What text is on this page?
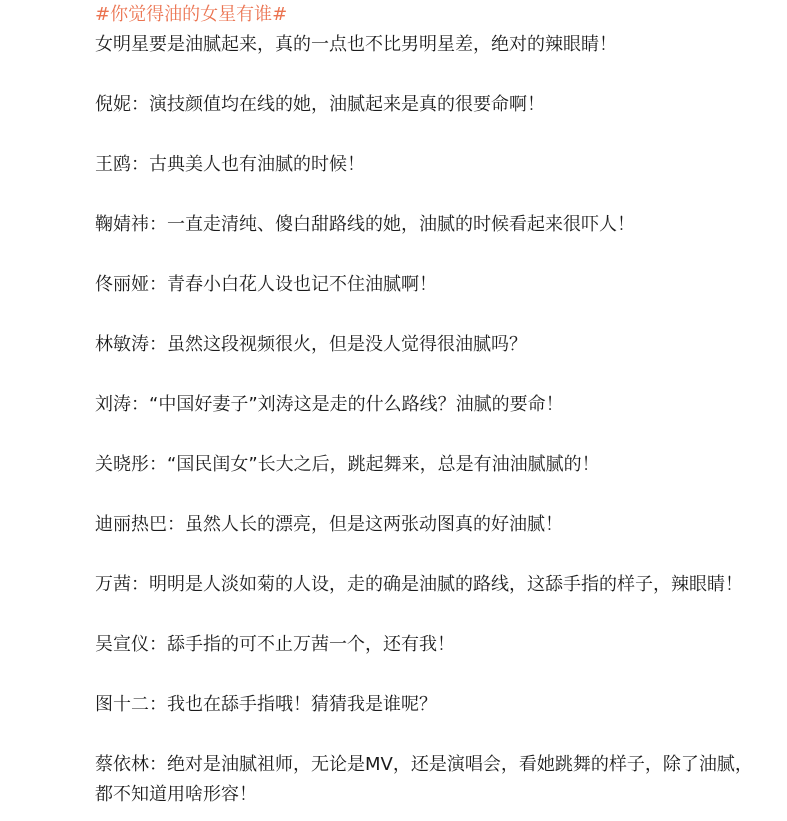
#你觉得油的女星有谁#

女明星要是油腻起来，真的一点也不比男明星差，绝对的辣眼睛！

倪妮：演技颜值均在线的她，油腻起来是真的很要命啊！

王鸥：古典美人也有油腻的时候！

鞠婧祎：一直走清纯、傻白甜路线的她，油腻的时候看起来很吓人！

佟丽娅：青春小白花人设也记不住油腻啊！

林敏涛：虽然这段视频很火，但是没人觉得很油腻吗？

刘涛：“中国好妻子”刘涛这是走的什么路线？油腻的要命！

关晓彤：“国民闺女”长大之后，跳起舞来，总是有油油腻腻的！

迪丽热巴：虽然人长的漂亮，但是这两张动图真的好油腻！

万茜：明明是人淡如菊的人设，走的确是油腻的路线，这舔手指的样子，辣眼睛！

吴宣仪：舔手指的可不止万茜一个，还有我！

图十二：我也在舔手指哦！猜猜我是谁呢？

蔡依林：绝对是油腻祖师，无论是MV，还是演唱会，看她跳舞的样子，除了油腻，都不知道用啥形容！
